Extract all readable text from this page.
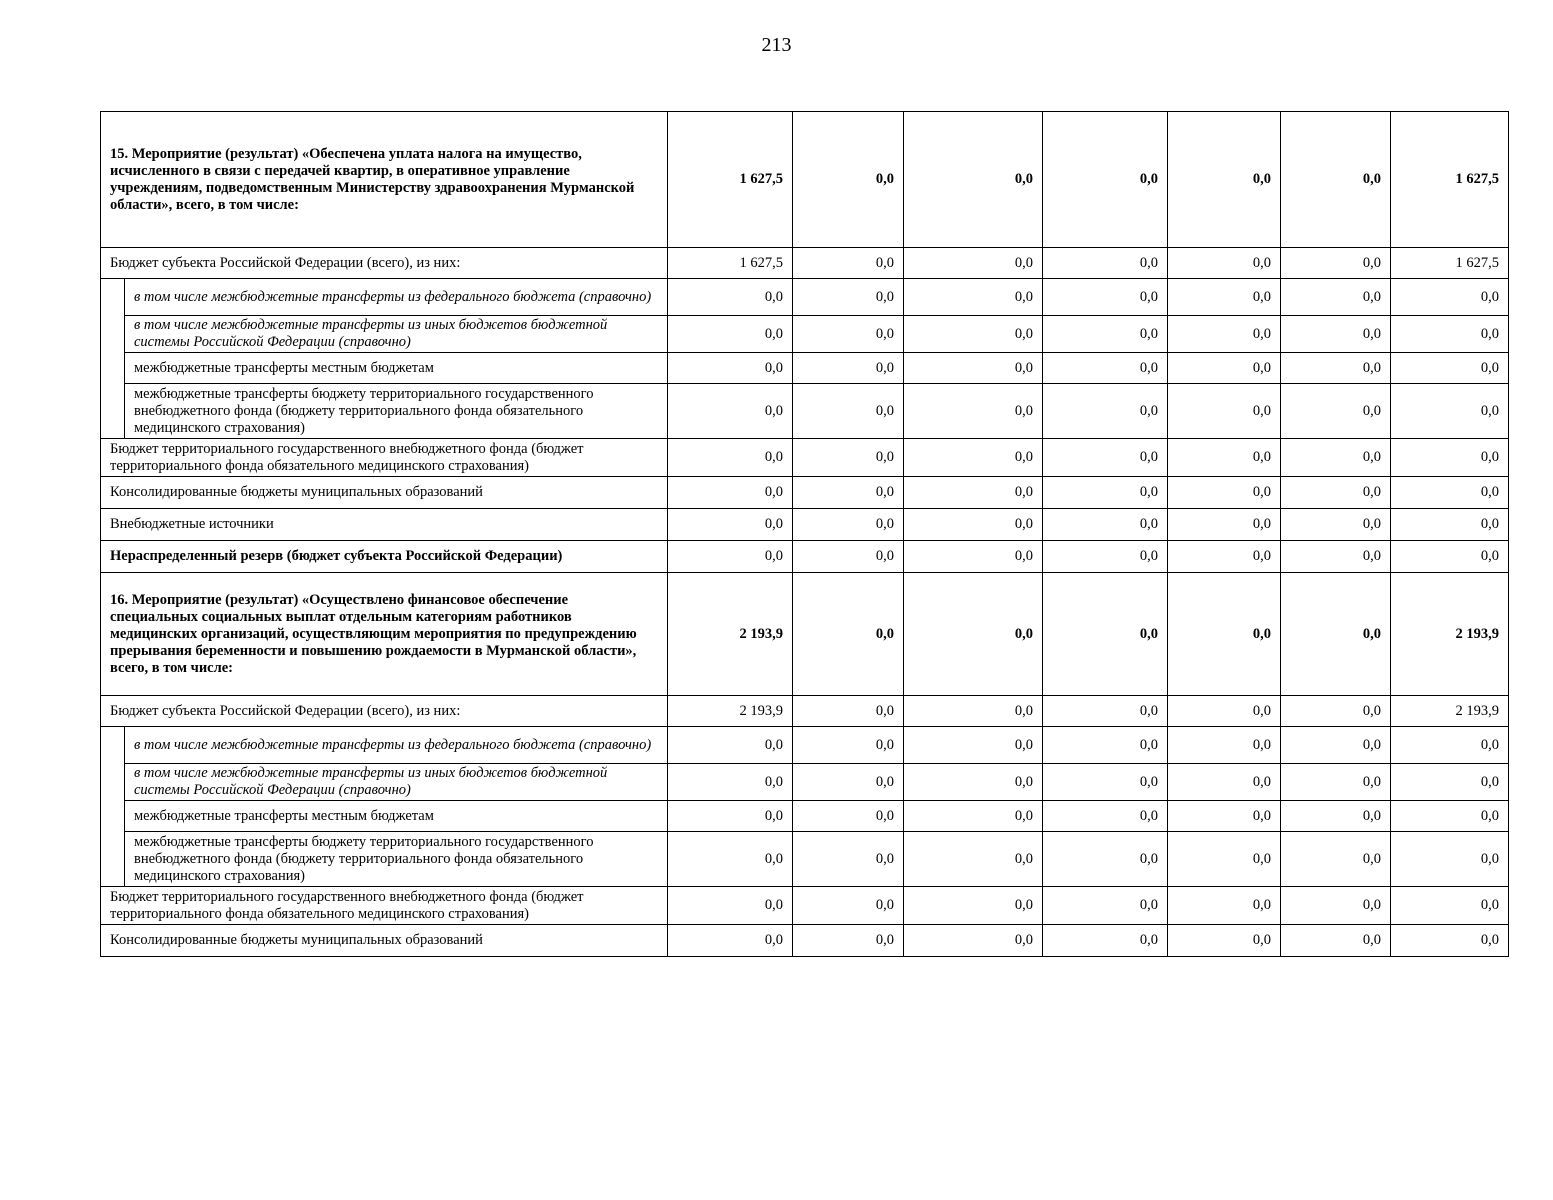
213
15. Мероприятие (результат) «Обеспечена уплата налога на имущество, исчисленного в связи с передачей квартир, в оперативное управление учреждениям, подведомственным Министерству здравоохранения Мурманской области», всего, в том числе:		1 627,5	0,0	0,0	0,0	0,0	0,0	1 627,5
Бюджет субъекта Российской Федерации (всего), из них:		1 627,5	0,0	0,0	0,0	0,0	0,0	1 627,5
	в том числе межбюджетные трансферты из федерального бюджета (справочно)	0,0	0,0	0,0	0,0	0,0	0,0	0,0
	в том числе межбюджетные трансферты из иных бюджетов бюджетной системы Российской Федерации (справочно)	0,0	0,0	0,0	0,0	0,0	0,0	0,0
	межбюджетные трансферты местным бюджетам	0,0	0,0	0,0	0,0	0,0	0,0	0,0
	межбюджетные трансферты бюджету территориального государственного внебюджетного фонда (бюджету территориального фонда обязательного медицинского страхования)	0,0	0,0	0,0	0,0	0,0	0,0	0,0
Бюджет территориального государственного внебюджетного фонда (бюджет территориального фонда обязательного медицинского страхования)		0,0	0,0	0,0	0,0	0,0	0,0	0,0
Консолидированные бюджеты муниципальных образований		0,0	0,0	0,0	0,0	0,0	0,0	0,0
Внебюджетные источники		0,0	0,0	0,0	0,0	0,0	0,0	0,0
Нераспределенный резерв (бюджет субъекта Российской Федерации)		0,0	0,0	0,0	0,0	0,0	0,0	0,0
16. Мероприятие (результат) «Осуществлено финансовое обеспечение специальных социальных выплат отдельным категориям работников медицинских организаций, осуществляющим мероприятия по предупреждению прерывания беременности и повышению рождаемости в Мурманской области», всего, в том числе:		2 193,9	0,0	0,0	0,0	0,0	0,0	2 193,9
Бюджет субъекта Российской Федерации (всего), из них:		2 193,9	0,0	0,0	0,0	0,0	0,0	2 193,9
	в том числе межбюджетные трансферты из федерального бюджета (справочно)	0,0	0,0	0,0	0,0	0,0	0,0	0,0
	в том числе межбюджетные трансферты из иных бюджетов бюджетной системы Российской Федерации (справочно)	0,0	0,0	0,0	0,0	0,0	0,0	0,0
	межбюджетные трансферты местным бюджетам	0,0	0,0	0,0	0,0	0,0	0,0	0,0
	межбюджетные трансферты бюджету территориального государственного внебюджетного фонда (бюджету территориального фонда обязательного медицинского страхования)	0,0	0,0	0,0	0,0	0,0	0,0	0,0
Бюджет территориального государственного внебюджетного фонда (бюджет территориального фонда обязательного медицинского страхования)		0,0	0,0	0,0	0,0	0,0	0,0	0,0
Консолидированные бюджеты муниципальных образований		0,0	0,0	0,0	0,0	0,0	0,0	0,0
